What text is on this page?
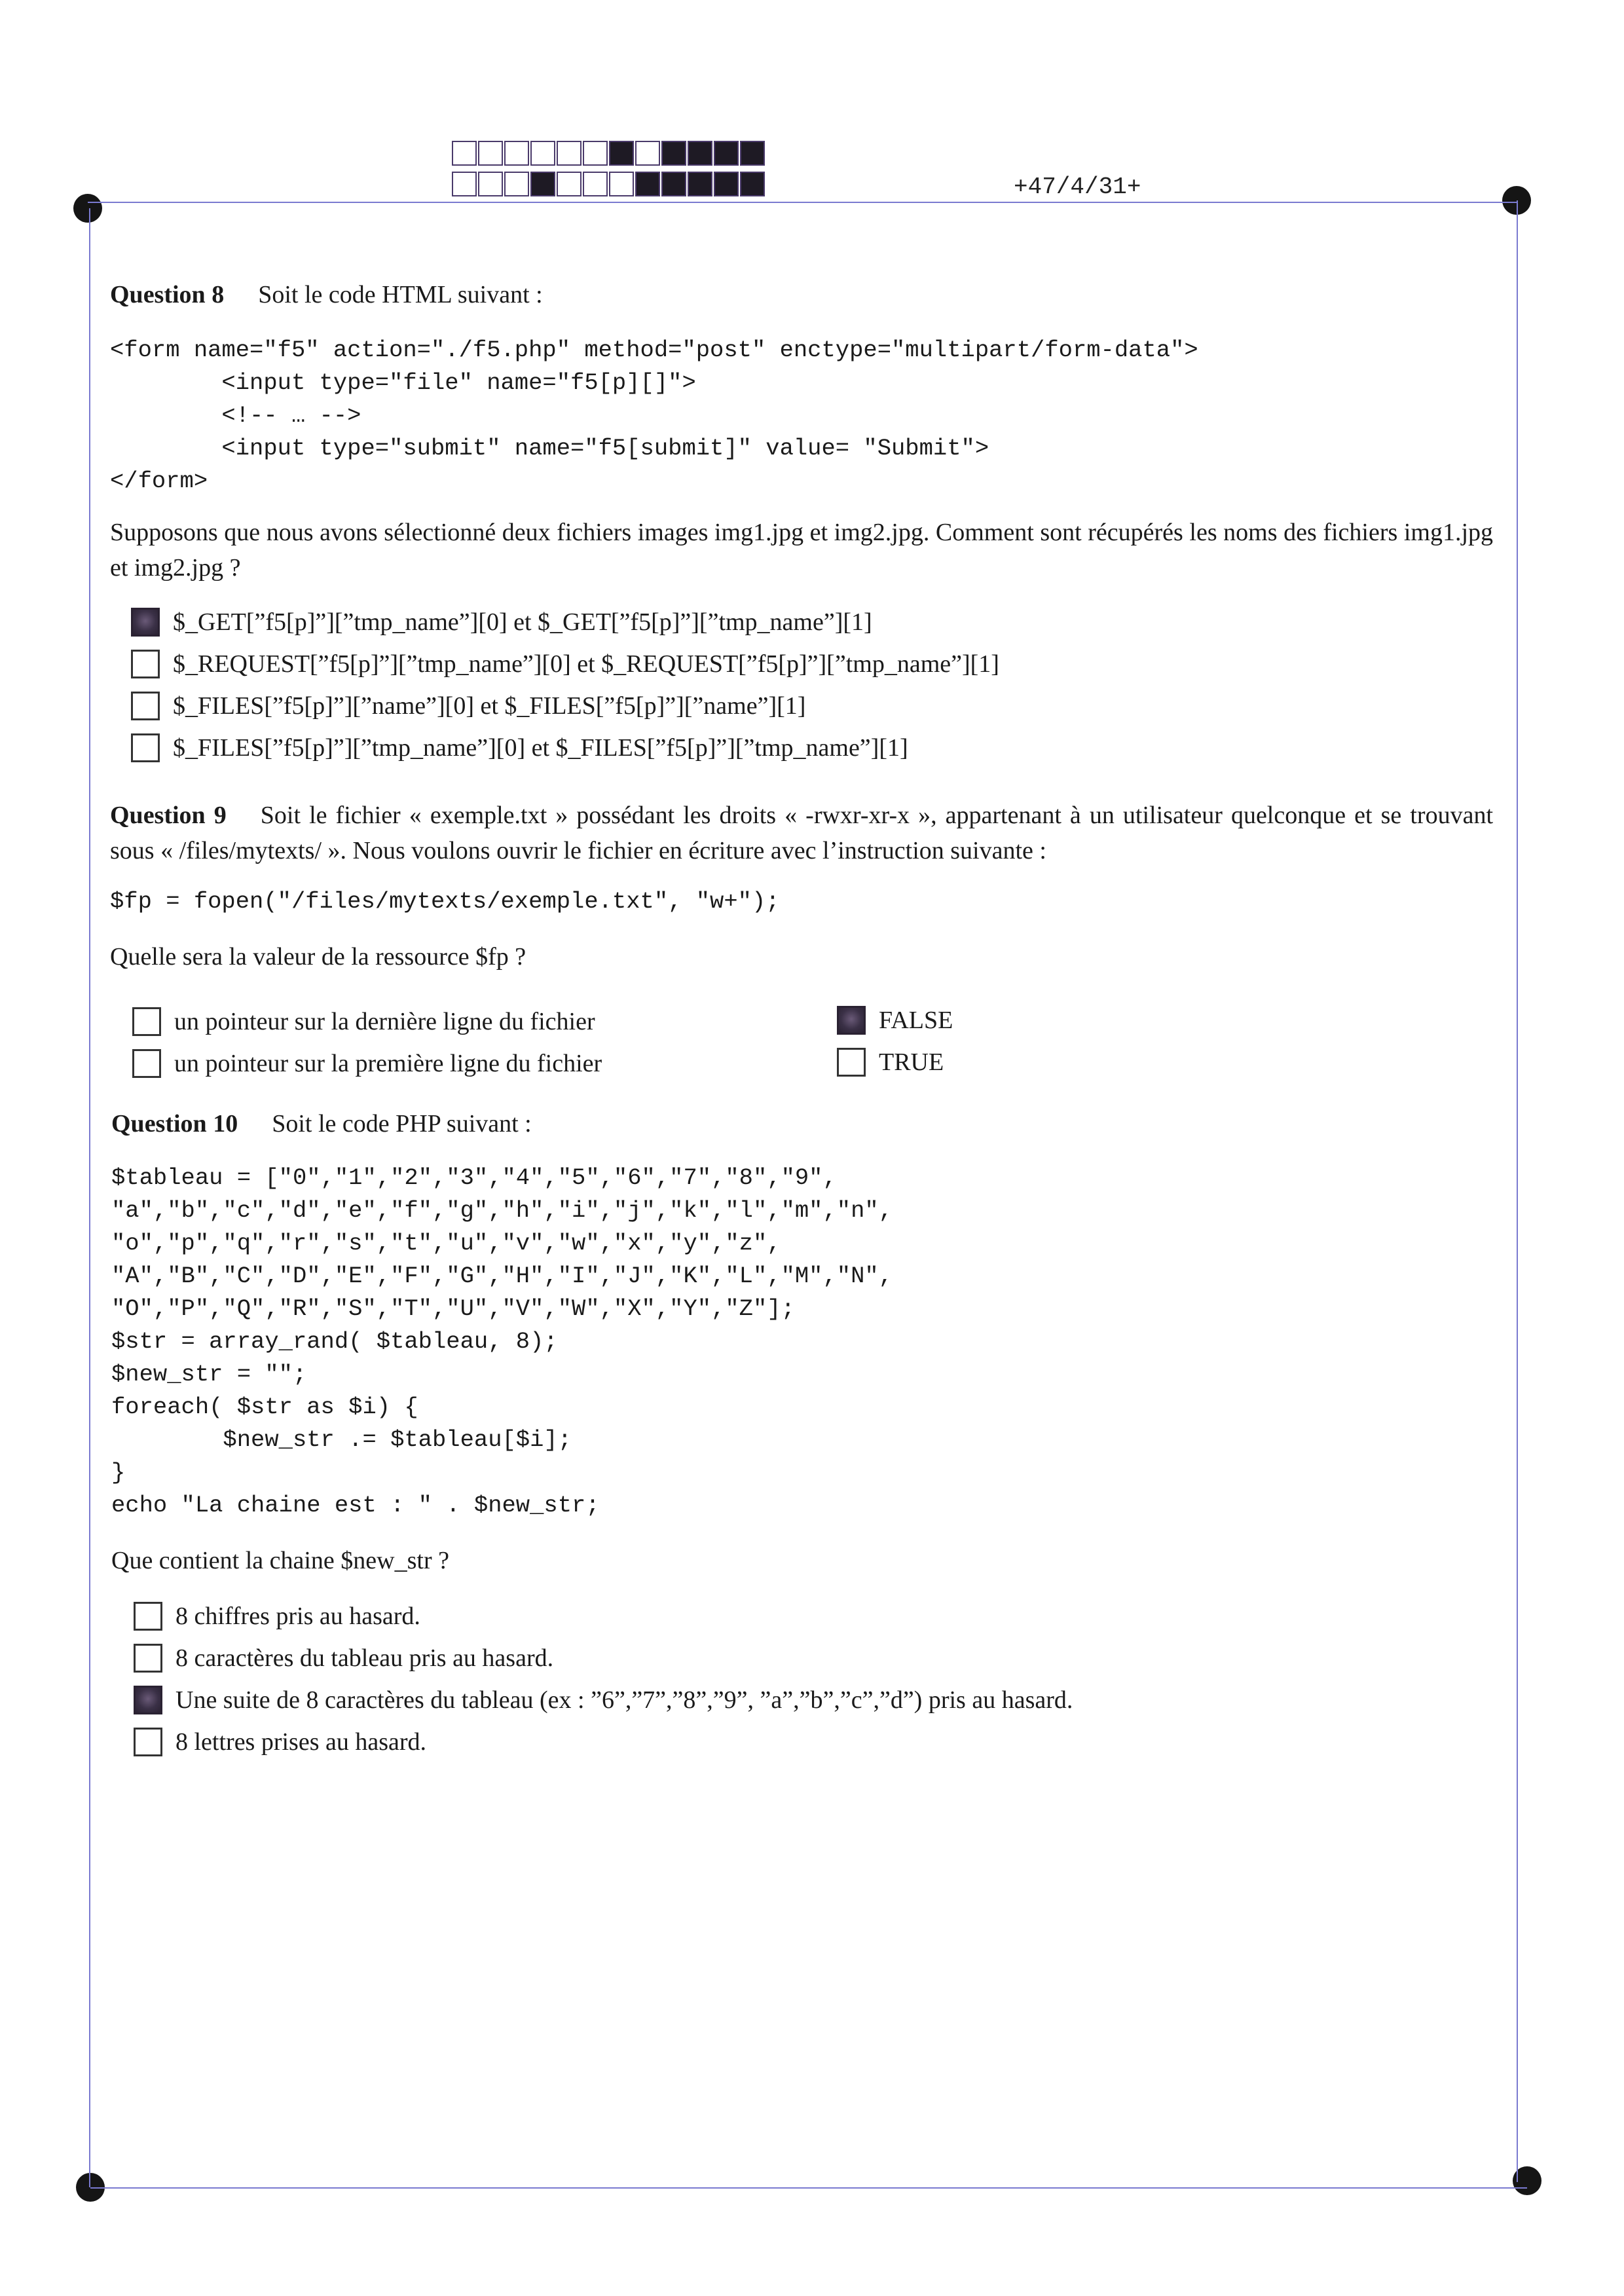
+47/4/31+
Question 8 Soit le code HTML suivant :
<form name="f5" action="./f5.php" method="post" enctype="multipart/form-data">
<input type="file" name="f5[p][]">
<!-- … -->
<input type="submit" name="f5[submit]" value= "Submit">
</form>
Supposons que nous avons sélectionné deux fichiers images img1.jpg et img2.jpg. Comment sont récupérés les noms des fichiers img1.jpg et img2.jpg ?
$_GET[”f5[p]”][”tmp_name”][0] et $_GET[”f5[p]”][”tmp_name”][1]
$_REQUEST[”f5[p]”][”tmp_name”][0] et $_REQUEST[”f5[p]”][”tmp_name”][1]
$_FILES[”f5[p]”][”name”][0] et $_FILES[”f5[p]”][”name”][1]
$_FILES[”f5[p]”][”tmp_name”][0] et $_FILES[”f5[p]”][”tmp_name”][1]
Question 9 Soit le fichier « exemple.txt » possédant les droits « -rwxr-xr-x », appartenant à un utilisateur quelconque et se trouvant sous « /files/mytexts/ ». Nous voulons ouvrir le fichier en écriture avec l’instruction suivante :
$fp = fopen("/files/mytexts/exemple.txt", "w+");
Quelle sera la valeur de la ressource $fp ?
un pointeur sur la dernière ligne du fichier
un pointeur sur la première ligne du fichier
FALSE
TRUE
Question 10 Soit le code PHP suivant :
$tableau = ["0","1","2","3","4","5","6","7","8","9",
"a","b","c","d","e","f","g","h","i","j","k","l","m","n",
"o","p","q","r","s","t","u","v","w","x","y","z",
"A","B","C","D","E","F","G","H","I","J","K","L","M","N",
"O","P","Q","R","S","T","U","V","W","X","Y","Z"];
$str = array_rand( $tableau, 8);
$new_str = "";
foreach( $str as $i) {
$new_str .= $tableau[$i];
}
echo "La chaine est : " . $new_str;
Que contient la chaine $new_str ?
8 chiffres pris au hasard.
8 caractères du tableau pris au hasard.
Une suite de 8 caractères du tableau (ex : ”6”,”7”,”8”,”9”, ”a”,”b”,”c”,”d”) pris au hasard.
8 lettres prises au hasard.
